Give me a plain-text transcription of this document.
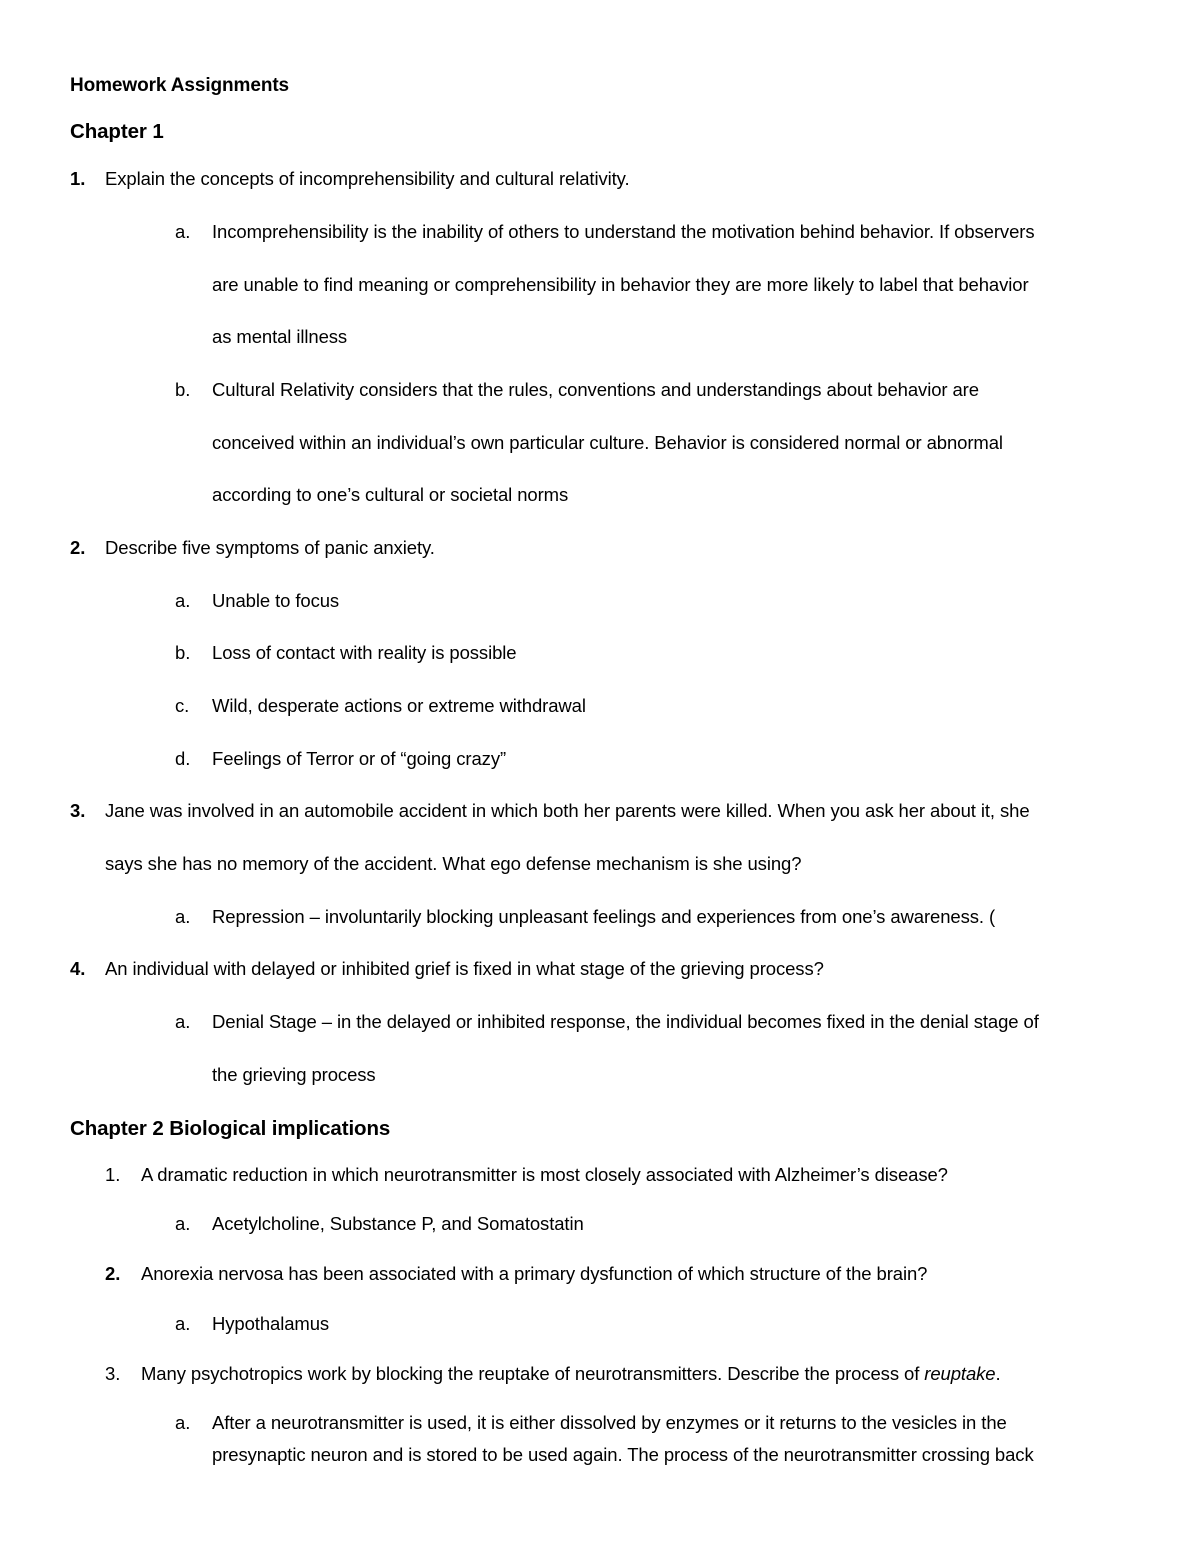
Homework Assignments
Chapter 1
1. Explain the concepts of incomprehensibility and cultural relativity.
a. Incomprehensibility is the inability of others to understand the motivation behind behavior. If observers
are unable to find meaning or comprehensibility in behavior they are more likely to label that behavior
as mental illness
b. Cultural Relativity considers that the rules, conventions and understandings about behavior are
conceived within an individual’s own particular culture. Behavior is considered normal or abnormal
according to one’s cultural or societal norms
2. Describe five symptoms of panic anxiety.
a. Unable to focus
b. Loss of contact with reality is possible
c. Wild, desperate actions or extreme withdrawal
d. Feelings of Terror or of “going crazy”
3. Jane was involved in an automobile accident in which both her parents were killed. When you ask her about it, she
says she has no memory of the accident. What ego defense mechanism is she using?
a. Repression – involuntarily blocking unpleasant feelings and experiences from one’s awareness. (
4. An individual with delayed or inhibited grief is fixed in what stage of the grieving process?
a. Denial Stage – in the delayed or inhibited response, the individual becomes fixed in the denial stage of
the grieving process
Chapter 2 Biological implications
1. A dramatic reduction in which neurotransmitter is most closely associated with Alzheimer’s disease?
a. Acetylcholine, Substance P, and Somatostatin
2. Anorexia nervosa has been associated with a primary dysfunction of which structure of the brain?
a. Hypothalamus
3. Many psychotropics work by blocking the reuptake of neurotransmitters. Describe the process of reuptake.
a. After a neurotransmitter is used, it is either dissolved by enzymes or it returns to the vesicles in the
presynaptic neuron and is stored to be used again. The process of the neurotransmitter crossing back
